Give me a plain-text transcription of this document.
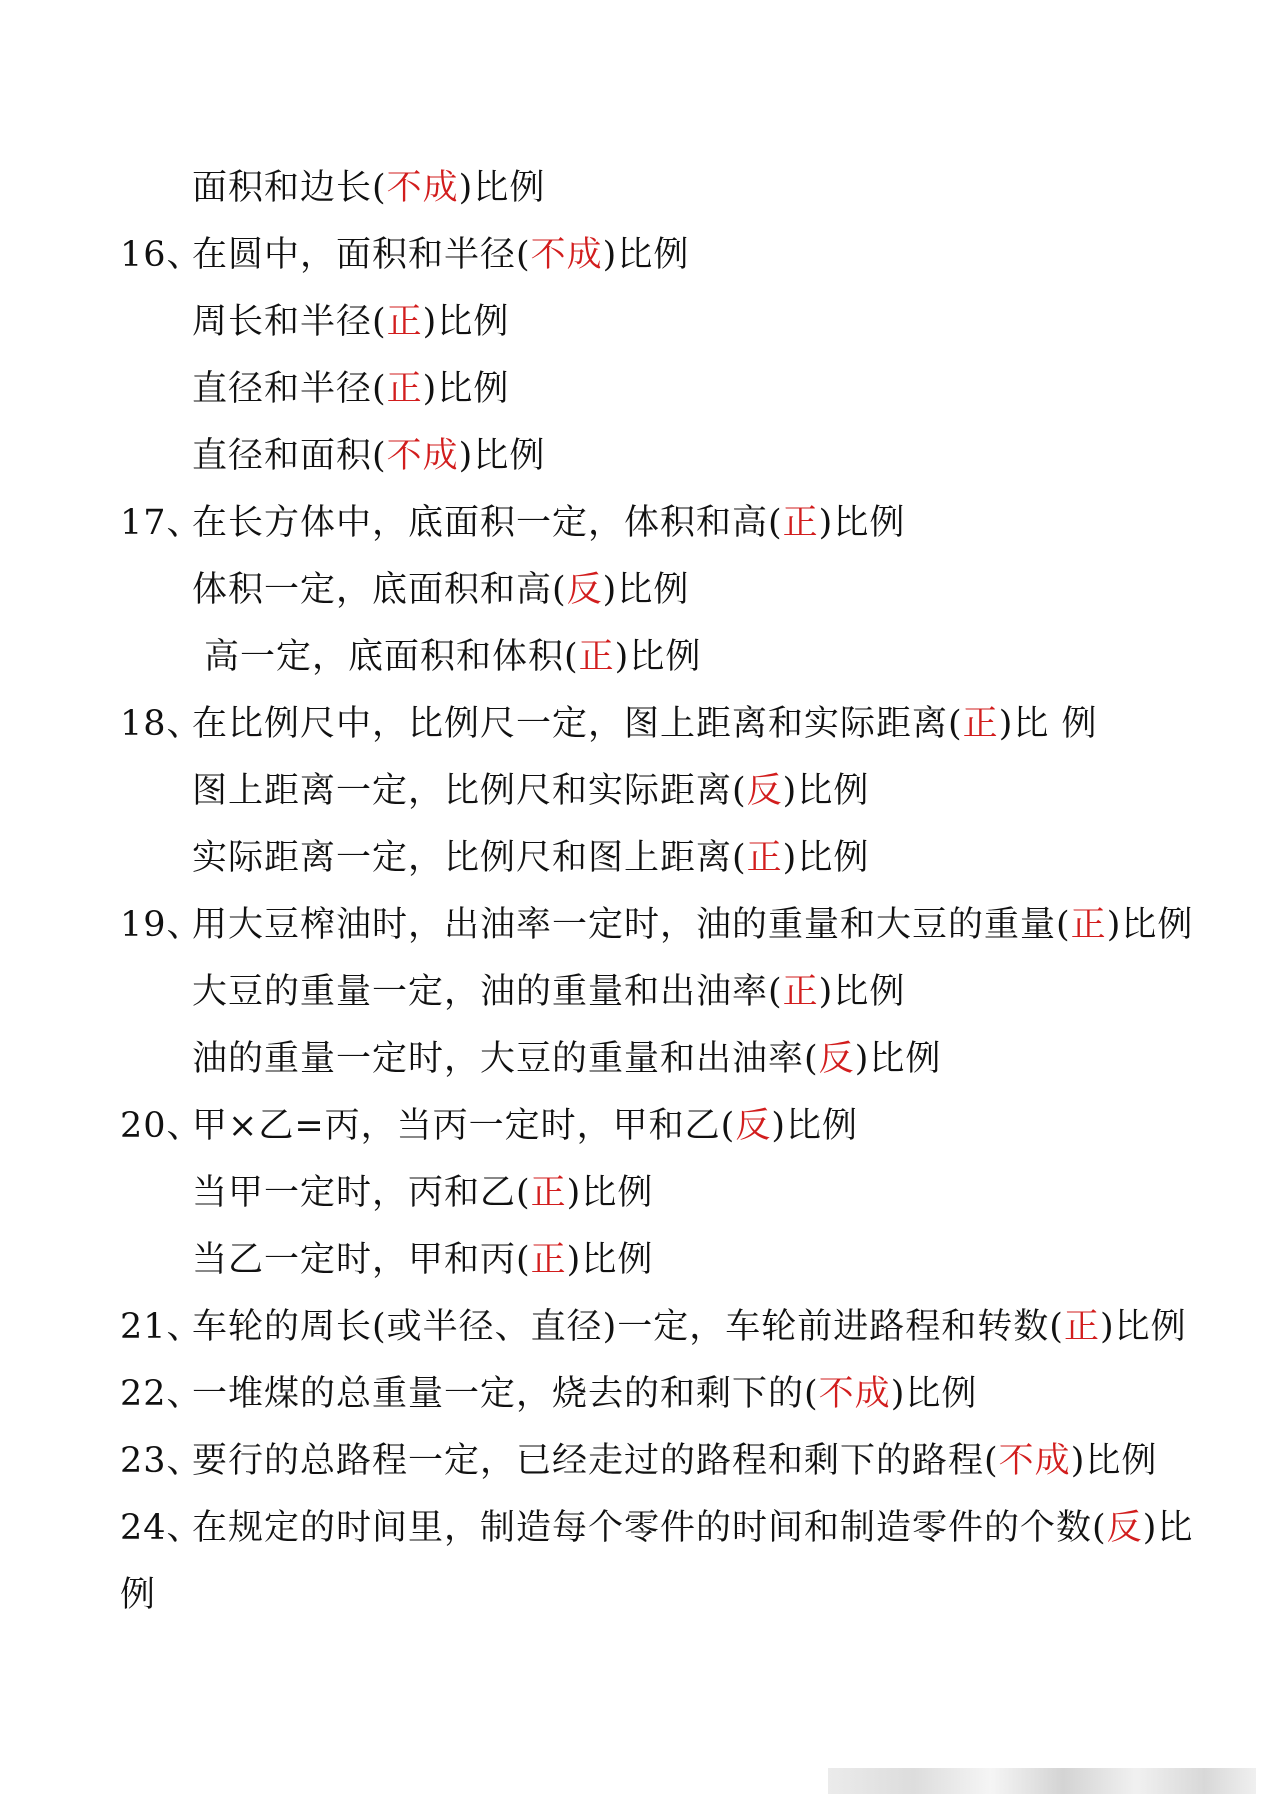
面积和边长(不成)比例
16、在圆中，面积和半径(不成)比例
周长和半径(正)比例
直径和半径(正)比例
直径和面积(不成)比例
17、在长方体中，底面积一定，体积和高(正)比例
体积一定，底面积和高(反)比例
高一定，底面积和体积(正)比例
18、在比例尺中，比例尺一定，图上距离和实际距离(正)比 例
图上距离一定，比例尺和实际距离(反)比例
实际距离一定，比例尺和图上距离(正)比例
19、用大豆榨油时，出油率一定时，油的重量和大豆的重量(正)比例
大豆的重量一定，油的重量和出油率(正)比例
油的重量一定时，大豆的重量和出油率(反)比例
20、甲×乙=丙，当丙一定时，甲和乙(反)比例
当甲一定时，丙和乙(正)比例
当乙一定时，甲和丙(正)比例
21、车轮的周长(或半径、直径)一定，车轮前进路程和转数(正)比例
22、一堆煤的总重量一定，烧去的和剩下的(不成)比例
23、要行的总路程一定，已经走过的路程和剩下的路程(不成)比例
24、在规定的时间里，制造每个零件的时间和制造零件的个数(反)比
例
